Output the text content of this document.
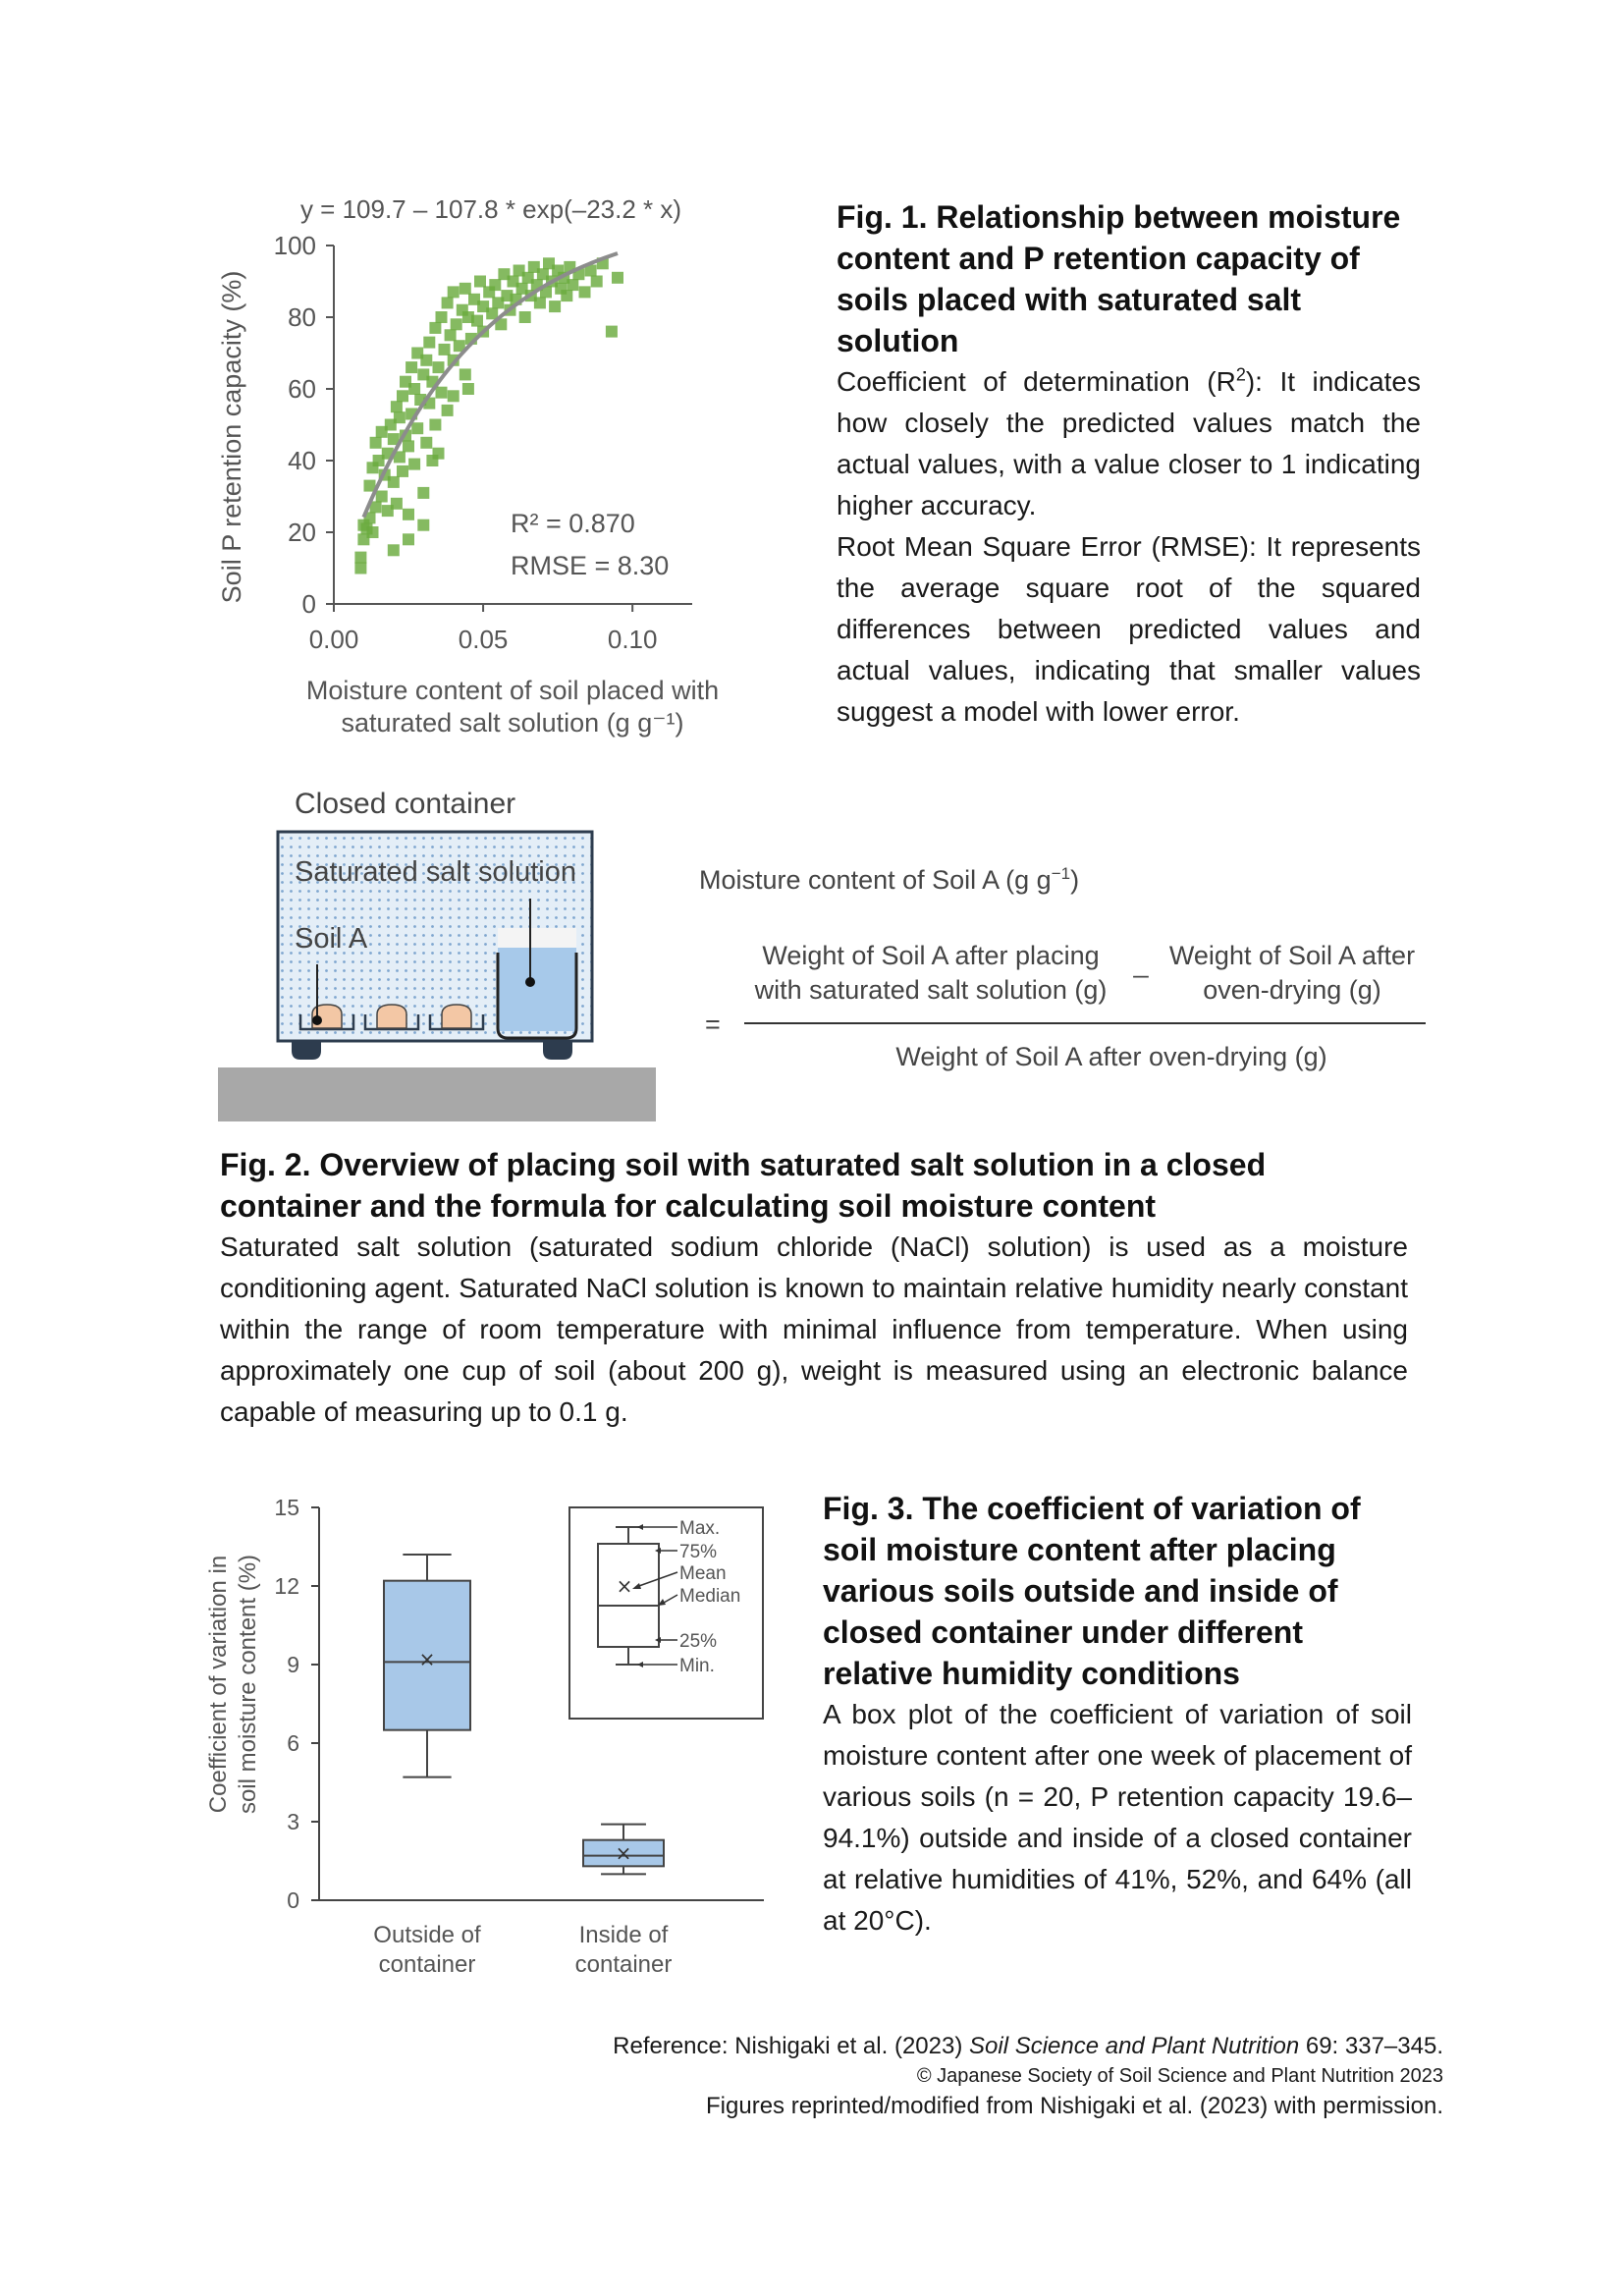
y = 109.7 – 107.8 * exp(–23.2 * x)
Soil P retention capacity (%)
0
20
40
60
80
100
0.00	0.05	0.10
R² = 0.870
RMSE = 8.30
Moisture content of soil placed with
saturated salt solution (g g⁻¹)

Fig. 1. Relationship between moisture content and P retention capacity of soils placed with saturated salt solution

Coefficient of determination $(R^2)$: It indicates how closely the predicted values match the actual values, with a value closer to 1 indicating higher accuracy.

Root Mean Square Error (RMSE): It represents the average square root of the squared differences between predicted values and actual values, indicating that smaller values suggest a model with lower error.

Closed container
Saturated salt solution
Soil A
Moisture content of Soil A (g $g^{-1}$)
Weight of Soil A after placing
with saturated salt solution (g)
_ Weight of Soil A after
oven-drying (g)
=
Weight of Soil A after oven-drying (g)

Fig. 2. Overview of placing soil with saturated salt solution in a closed container and the formula for calculating soil moisture content

Saturated salt solution (saturated sodium chloride (NaCl) solution) is used as a moisture conditioning agent. Saturated NaCl solution is known to maintain relative humidity nearly constant within the range of room temperature with minimal influence from temperature. When using approximately one cup of soil (about 200 g), weight is measured using an electronic balance capable of measuring up to 0.1 g.

Coefficient of variation in soil moisture content (%)
0
3
6
9
12
15
×
Outside of
container
×
Inside of
container
×
Max.
75%
Mean
Median
25%
Min.

Fig. 3. The coefficient of variation of soil moisture content after placing various soils outside and inside of closed container under different relative humidity conditions

A box plot of the coefficient of variation of soil moisture content after one week of placement of various soils (n = 20, P retention capacity 19.6–94.1%) outside and inside of a closed container at relative humidities of 41%, 52%, and 64% (all at 20°C).

Reference: Nishigaki et al. (2023) Soil Science and Plant Nutrition 69: 337–345.
© Japanese Society of Soil Science and Plant Nutrition 2023
Figures reprinted/modified from Nishigaki et al. (2023) with permission.
